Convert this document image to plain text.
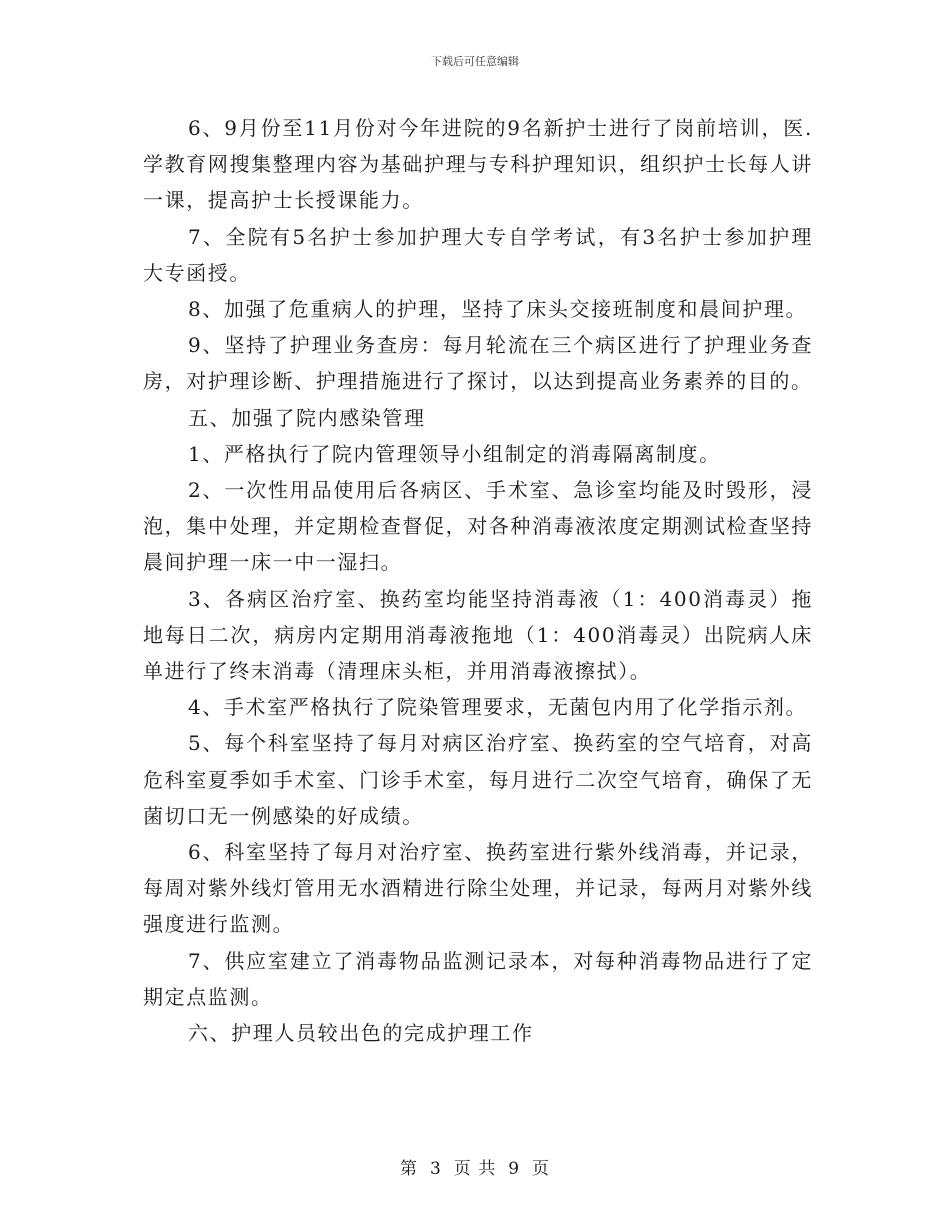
下载后可任意编辑

6、9月份至11月份对今年进院的9名新护士进行了岗前培训，医.学教育网搜集整理内容为基础护理与专科护理知识，组织护士长每人讲一课，提高护士长授课能力。

7、全院有5名护士参加护理大专自学考试，有3名护士参加护理大专函授。

8、加强了危重病人的护理，坚持了床头交接班制度和晨间护理。

9、坚持了护理业务查房：每月轮流在三个病区进行了护理业务查房，对护理诊断、护理措施进行了探讨，以达到提高业务素养的目的。

五、加强了院内感染管理

1、严格执行了院内管理领导小组制定的消毒隔离制度。

2、一次性用品使用后各病区、手术室、急诊室均能及时毁形，浸泡，集中处理，并定期检查督促，对各种消毒液浓度定期测试检查坚持晨间护理一床一中一湿扫。

3、各病区治疗室、换药室均能坚持消毒液（1：400消毒灵）拖地每日二次，病房内定期用消毒液拖地（1：400消毒灵）出院病人床单进行了终末消毒（清理床头柜，并用消毒液擦拭）。

4、手术室严格执行了院染管理要求，无菌包内用了化学指示剂。

5、每个科室坚持了每月对病区治疗室、换药室的空气培育，对高危科室夏季如手术室、门诊手术室，每月进行二次空气培育，确保了无菌切口无一例感染的好成绩。

6、科室坚持了每月对治疗室、换药室进行紫外线消毒，并记录，每周对紫外线灯管用无水酒精进行除尘处理，并记录，每两月对紫外线强度进行监测。

7、供应室建立了消毒物品监测记录本，对每种消毒物品进行了定期定点监测。

六、护理人员较出色的完成护理工作

第 3 页 共 9 页
